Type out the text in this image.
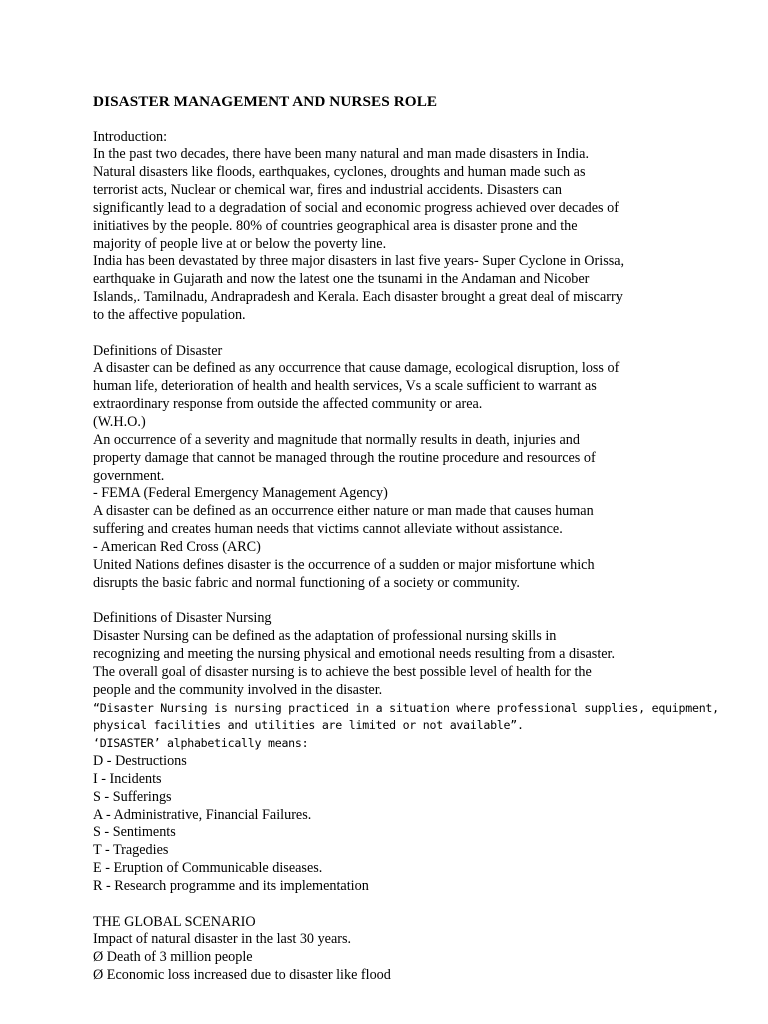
DISASTER MANAGEMENT AND NURSES ROLE
Introduction:
In the past two decades, there have been many natural and man made disasters in India.
Natural disasters like floods, earthquakes, cyclones, droughts and human made such as
terrorist acts, Nuclear or chemical war, fires and industrial accidents. Disasters can
significantly lead to a degradation of social and economic progress achieved over decades of
initiatives by the people. 80% of countries geographical area is disaster prone and the
majority of people live at or below the poverty line.
India has been devastated by three major disasters in last five years- Super Cyclone in Orissa,
earthquake in Gujarath and now the latest one the tsunami in the Andaman and Nicober
Islands,. Tamilnadu, Andrapradesh and Kerala. Each disaster brought a great deal of miscarry
to the affective population.
Definitions of Disaster
A disaster can be defined as any occurrence that cause damage, ecological disruption, loss of
human life, deterioration of health and health services, Vs a scale sufficient to warrant as
extraordinary response from outside the affected community or area.
(W.H.O.)
An occurrence of a severity and magnitude that normally results in death, injuries and
property damage that cannot be managed through the routine procedure and resources of
government.
- FEMA (Federal Emergency Management Agency)
A disaster can be defined as an occurrence either nature or man made that causes human
suffering and creates human needs that victims cannot alleviate without assistance.
- American Red Cross (ARC)
United Nations defines disaster is the occurrence of a sudden or major misfortune which
disrupts the basic fabric and normal functioning of a society or community.
Definitions of Disaster Nursing
Disaster Nursing can be defined as the adaptation of professional nursing skills in
recognizing and meeting the nursing physical and emotional needs resulting from a disaster.
The overall goal of disaster nursing is to achieve the best possible level of health for the
people and the community involved in the disaster.
“Disaster Nursing is nursing practiced in a situation where professional supplies, equipment,
physical facilities and utilities are limited or not available”.
‘DISASTER’ alphabetically means:
D - Destructions
I - Incidents
S - Sufferings
A - Administrative, Financial Failures.
S - Sentiments
T - Tragedies
E - Eruption of Communicable diseases.
R - Research programme and its implementation
THE GLOBAL SCENARIO
Impact of natural disaster in the last 30 years.
Ø Death of 3 million people
Ø Economic loss increased due to disaster like flood
